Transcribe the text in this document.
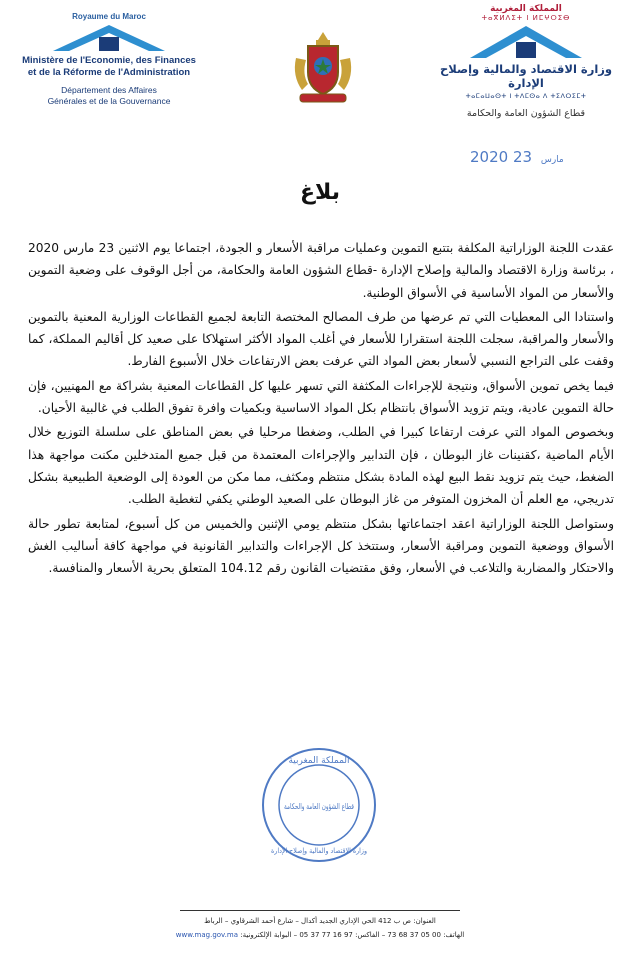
Royaume du Maroc
Ministère de l'Economie, des Finances
et de la Réforme de l'Administration
Département des Affaires
Générales et de la Gouvernance
المملكة المغربية
ⵜⴰⴳⵍⴷⵉⵜ ⵏ ⵍⵎⵖⵔⵉⴱ
وزارة الاقتصاد والمالية وإصلاح الإدارة
ⵜⴰⵎⴰⵡⴰⵙⵜ ⵏ ⵜⴷⵎⵙⴰ ⴷ ⵜⵉⴷⵔⵉⵎⵜ
قطاع الشؤون العامة والحكامة
2020	مارس 23
بلاغ

عقدت اللجنة الوزاراتية المكلفة بتتبع التموين وعمليات مراقبة الأسعار و الجودة، اجتماعا يوم الاثنين 23 مارس 2020 ، برئاسة وزارة الاقتصاد والمالية وإصلاح الإدارة -قطاع الشؤون العامة والحكامة، من أجل الوقوف على وضعية التموين والأسعار من المواد الأساسية في الأسواق الوطنية.

واستنادا الى المعطيات التي تم عرضها من طرف المصالح المختصة التابعة لجميع القطاعات الوزارية المعنية بالتموين والأسعار والمراقبة، سجلت اللجنة استقرارا للأسعار في أغلب المواد الأكثر استهلاكا على صعيد كل أقاليم المملكة، كما وقفت على التراجع النسبي لأسعار بعض المواد التي عرفت بعض الارتفاعات خلال الأسبوع الفارط.

فيما يخص تموين الأسواق، ونتيجة للإجراءات المكثفة التي تسهر عليها كل القطاعات المعنية بشراكة مع المهنيين، فإن حالة التموين عادية، ويتم تزويد الأسواق بانتظام بكل المواد الاساسية وبكميات وافرة تفوق الطلب في غالبية الأحيان.

وبخصوص المواد التي عرفت ارتفاعا كبيرا في الطلب، وضغطا مرحليا في بعض المناطق على سلسلة التوزيع خلال الأيام الماضية ،كقنينات غاز البوطان ، فإن التدابير والإجراءات المعتمدة من قبل جميع المتدخلين مكنت مواجهة هذا الضغط، حيث يتم تزويد نقط البيع لهذه المادة بشكل منتظم ومكثف، مما مكن من العودة إلى الوضعية الطبيعية بشكل تدريجي، مع العلم أن المخزون المتوفر من غاز البوطان على الصعيد الوطني يكفي لتغطية الطلب.

وستواصل اللجنة الوزاراتية اعقد اجتماعاتها بشكل منتظم يومي الإثنين والخميس من كل أسبوع، لمتابعة تطور حالة الأسواق ووضعية التموين ومراقبة الأسعار، وستتخذ كل الإجراءات والتدابير القانونية في مواجهة كافة أساليب الغش والاحتكار والمضاربة والتلاعب في الأسعار، وفق مقتضيات القانون رقم 104.12 المتعلق بحرية الأسعار والمنافسة.

المملكة المغربية
قطاع الشؤون العامة والحكامة
وزارة الاقتصاد والمالية وإصلاح الإدارة
العنوان: ص ب 412 الحي الإداري الجديد أكدال – شارع أحمد الشرقاوي – الرباط
الهاتف: 00 05 37 68 73 – الفاكس: 97 16 77 37 05 – البوابة الإلكترونية: www.mag.gov.ma
